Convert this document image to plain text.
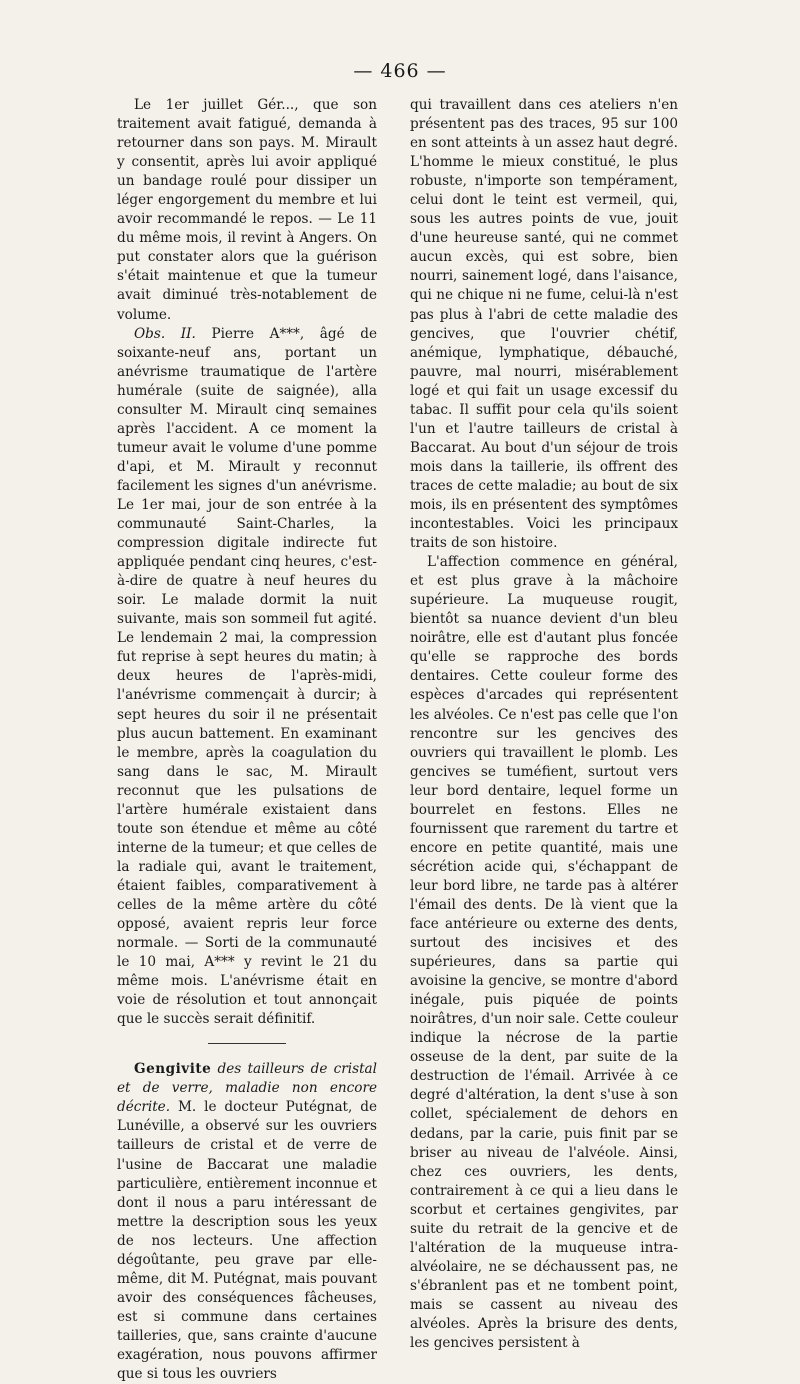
— 466 —

Le 1er juillet Gér..., que son traitement avait fatigué, demanda à retourner dans son pays. M. Mirault y consentit, après lui avoir appliqué un bandage roulé pour dissiper un léger engorgement du membre et lui avoir recommandé le repos. — Le 11 du même mois, il revint à Angers. On put constater alors que la guérison s'était maintenue et que la tumeur avait diminué très-notablement de volume.

Obs. II. Pierre A***, âgé de soixante-neuf ans, portant un anévrisme traumatique de l'artère humérale (suite de saignée), alla consulter M. Mirault cinq semaines après l'accident. A ce moment la tumeur avait le volume d'une pomme d'api, et M. Mirault y reconnut facilement les signes d'un anévrisme. Le 1er mai, jour de son entrée à la communauté Saint-Charles, la compression digitale indirecte fut appliquée pendant cinq heures, c'est-à-dire de quatre à neuf heures du soir. Le malade dormit la nuit suivante, mais son sommeil fut agité. Le lendemain 2 mai, la compression fut reprise à sept heures du matin; à deux heures de l'après-midi, l'anévrisme commençait à durcir; à sept heures du soir il ne présentait plus aucun battement. En examinant le membre, après la coagulation du sang dans le sac, M. Mirault reconnut que les pulsations de l'artère humérale existaient dans toute son étendue et même au côté interne de la tumeur; et que celles de la radiale qui, avant le traitement, étaient faibles, comparativement à celles de la même artère du côté opposé, avaient repris leur force normale. — Sorti de la communauté le 10 mai, A*** y revint le 21 du même mois. L'anévrisme était en voie de résolution et tout annonçait que le succès serait définitif.

Gengivite des tailleurs de cristal et de verre, maladie non encore décrite. M. le docteur Putégnat, de Lunéville, a observé sur les ouvriers tailleurs de cristal et de verre de l'usine de Baccarat une maladie particulière, entièrement inconnue et dont il nous a paru intéressant de mettre la description sous les yeux de nos lecteurs. Une affection dégoûtante, peu grave par elle-même, dit M. Putégnat, mais pouvant avoir des conséquences fâcheuses, est si commune dans certaines tailleries, que, sans crainte d'aucune exagération, nous pouvons affirmer que si tous les ouvriers

qui travaillent dans ces ateliers n'en présentent pas des traces, 95 sur 100 en sont atteints à un assez haut degré. L'homme le mieux constitué, le plus robuste, n'importe son tempérament, celui dont le teint est vermeil, qui, sous les autres points de vue, jouit d'une heureuse santé, qui ne commet aucun excès, qui est sobre, bien nourri, sainement logé, dans l'aisance, qui ne chique ni ne fume, celui-là n'est pas plus à l'abri de cette maladie des gencives, que l'ouvrier chétif, anémique, lymphatique, débauché, pauvre, mal nourri, misérablement logé et qui fait un usage excessif du tabac. Il suffit pour cela qu'ils soient l'un et l'autre tailleurs de cristal à Baccarat. Au bout d'un séjour de trois mois dans la taillerie, ils offrent des traces de cette maladie; au bout de six mois, ils en présentent des symptômes incontestables. Voici les principaux traits de son histoire.

L'affection commence en général, et est plus grave à la mâchoire supérieure. La muqueuse rougit, bientôt sa nuance devient d'un bleu noirâtre, elle est d'autant plus foncée qu'elle se rapproche des bords dentaires. Cette couleur forme des espèces d'arcades qui représentent les alvéoles. Ce n'est pas celle que l'on rencontre sur les gencives des ouvriers qui travaillent le plomb. Les gencives se tuméfient, surtout vers leur bord dentaire, lequel forme un bourrelet en festons. Elles ne fournissent que rarement du tartre et encore en petite quantité, mais une sécrétion acide qui, s'échappant de leur bord libre, ne tarde pas à altérer l'émail des dents. De là vient que la face antérieure ou externe des dents, surtout des incisives et des supérieures, dans sa partie qui avoisine la gencive, se montre d'abord inégale, puis piquée de points noirâtres, d'un noir sale. Cette couleur indique la nécrose de la partie osseuse de la dent, par suite de la destruction de l'émail. Arrivée à ce degré d'altération, la dent s'use à son collet, spécialement de dehors en dedans, par la carie, puis finit par se briser au niveau de l'alvéole. Ainsi, chez ces ouvriers, les dents, contrairement à ce qui a lieu dans le scorbut et certaines gengivites, par suite du retrait de la gencive et de l'altération de la muqueuse intra-alvéolaire, ne se déchaussent pas, ne s'ébranlent pas et ne tombent point, mais se cassent au niveau des alvéoles. Après la brisure des dents, les gencives persistent à
